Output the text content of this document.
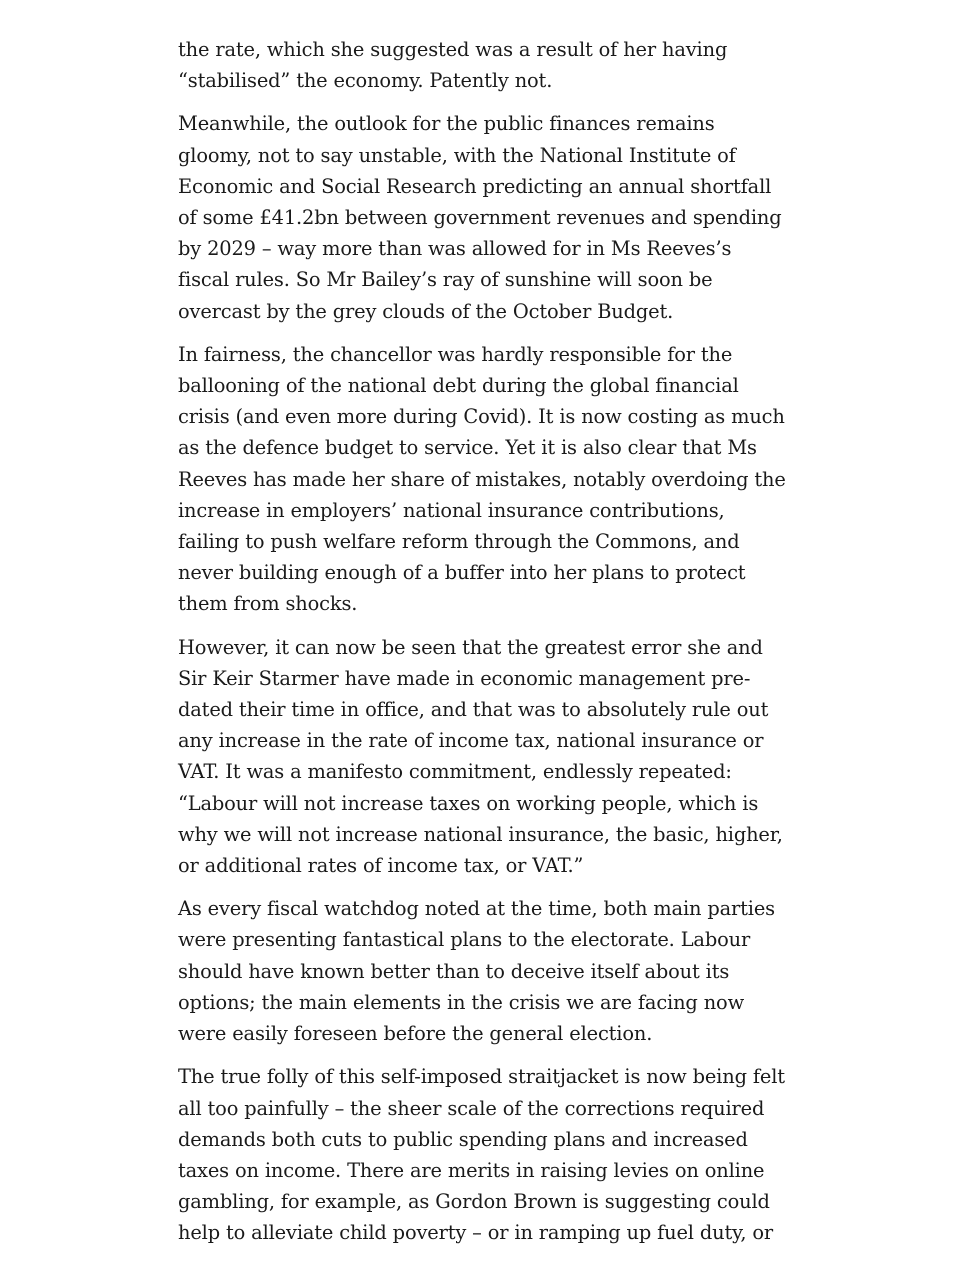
the rate, which she suggested was a result of her having “stabilised” the economy. Patently not.

Meanwhile, the outlook for the public finances remains gloomy, not to say unstable, with the National Institute of Economic and Social Research predicting an annual shortfall of some £41.2bn between government revenues and spending by 2029 – way more than was allowed for in Ms Reeves’s fiscal rules. So Mr Bailey’s ray of sunshine will soon be overcast by the grey clouds of the October Budget.

In fairness, the chancellor was hardly responsible for the ballooning of the national debt during the global financial crisis (and even more during Covid). It is now costing as much as the defence budget to service. Yet it is also clear that Ms Reeves has made her share of mistakes, notably overdoing the increase in employers’ national insurance contributions, failing to push welfare reform through the Commons, and never building enough of a buffer into her plans to protect them from shocks.

However, it can now be seen that the greatest error she and Sir Keir Starmer have made in economic management pre-dated their time in office, and that was to absolutely rule out any increase in the rate of income tax, national insurance or VAT. It was a manifesto commitment, endlessly repeated: “Labour will not increase taxes on working people, which is why we will not increase national insurance, the basic, higher, or additional rates of income tax, or VAT.”

As every fiscal watchdog noted at the time, both main parties were presenting fantastical plans to the electorate. Labour should have known better than to deceive itself about its options; the main elements in the crisis we are facing now were easily foreseen before the general election.

The true folly of this self-imposed straitjacket is now being felt all too painfully – the sheer scale of the corrections required demands both cuts to public spending plans and increased taxes on income. There are merits in raising levies on online gambling, for example, as Gordon Brown is suggesting could help to alleviate child poverty – or in ramping up fuel duty, or
